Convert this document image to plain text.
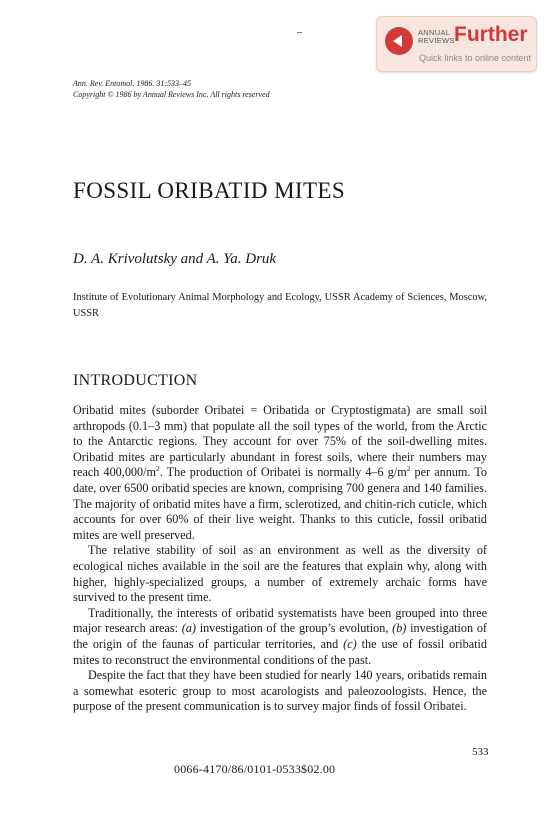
ANNUAL
REVIEWS Further
Quick links to online content
Ann. Rev. Entomol. 1986. 31:533–45
Copyright © 1986 by Annual Reviews Inc. All rights reserved
FOSSIL ORIBATID MITES
D. A. Krivolutsky and A. Ya. Druk
Institute of Evolutionary Animal Morphology and Ecology, USSR Academy of Sciences, Moscow, USSR
INTRODUCTION

Oribatid mites (suborder Oribatei = Oribatida or Cryptostigmata) are small soil arthropods (0.1–3 mm) that populate all the soil types of the world, from the Arctic to the Antarctic regions. They account for over 75% of the soil-dwelling mites. Oribatid mites are particularly abundant in forest soils, where their numbers may reach $400,000/m^2$. The production of Oribatei is normally 4–6 $g/m^2$ per annum. To date, over 6500 oribatid species are known, comprising 700 genera and 140 families. The majority of oribatid mites have a firm, sclerotized, and chitin-rich cuticle, which accounts for over 60% of their live weight. Thanks to this cuticle, fossil oribatid mites are well preserved.

The relative stability of soil as an environment as well as the diversity of ecological niches available in the soil are the features that explain why, along with higher, highly-specialized groups, a number of extremely archaic forms have survived to the present time.

Traditionally, the interests of oribatid systematists have been grouped into three major research areas: (a) investigation of the group’s evolution, (b) investigation of the origin of the faunas of particular territories, and (c) the use of fossil oribatid mites to reconstruct the environmental conditions of the past.

Despite the fact that they have been studied for nearly 140 years, oribatids remain a somewhat esoteric group to most acarologists and paleozoologists. Hence, the purpose of the present communication is to survey major finds of fossil Oribatei.

533
0066-4170/86/0101-0533$02.00
